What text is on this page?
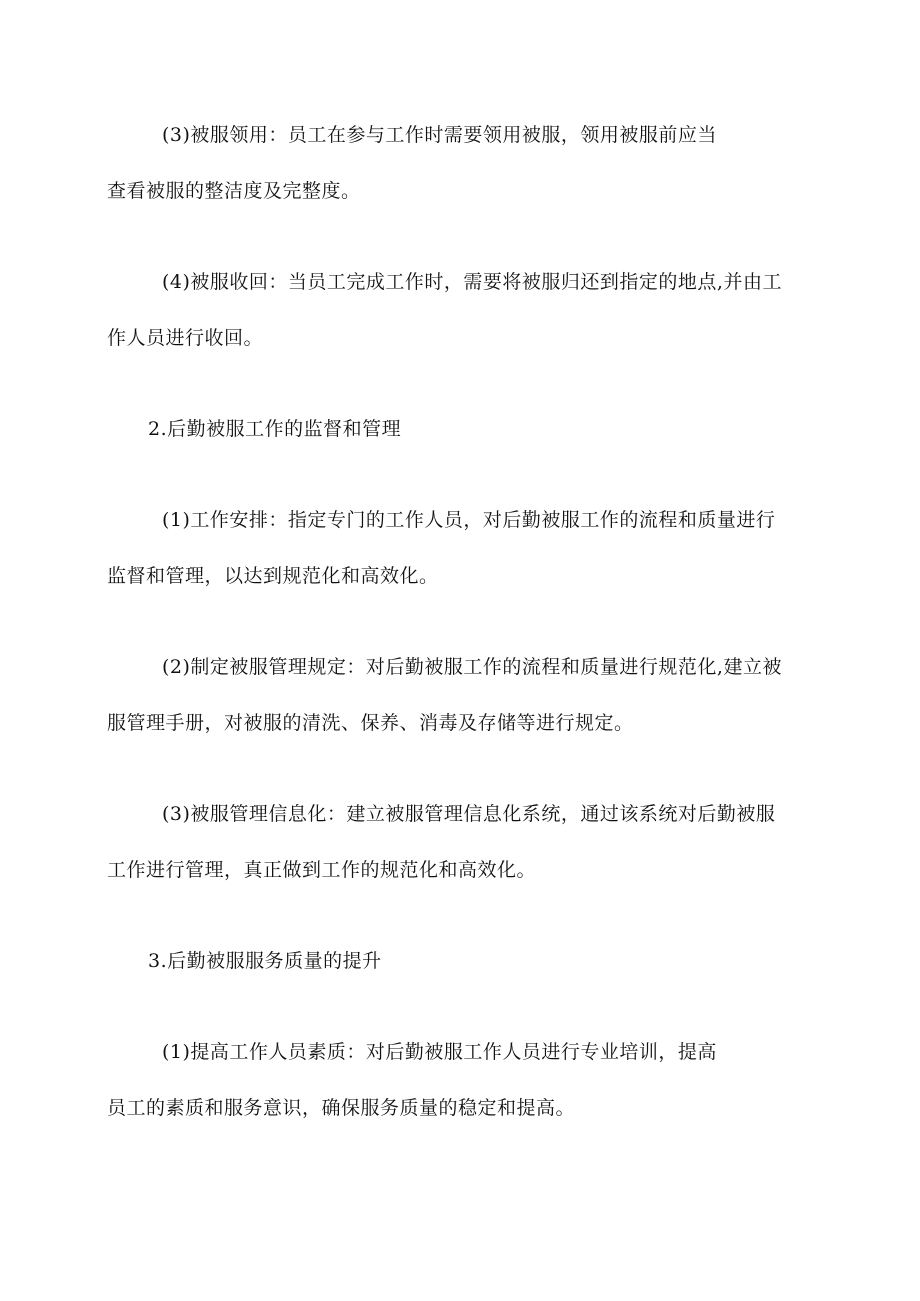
(3)被服领用：员工在参与工作时需要领用被服，领用被服前应当
查看被服的整洁度及完整度。
(4)被服收回：当员工完成工作时，需要将被服归还到指定的地点,并由工
作人员进行收回。
2.后勤被服工作的监督和管理
(1)工作安排：指定专门的工作人员，对后勤被服工作的流程和质量进行
监督和管理，以达到规范化和高效化。
(2)制定被服管理规定：对后勤被服工作的流程和质量进行规范化,建立被
服管理手册，对被服的清洗、保养、消毒及存储等进行规定。
(3)被服管理信息化：建立被服管理信息化系统，通过该系统对后勤被服
工作进行管理，真正做到工作的规范化和高效化。
3.后勤被服服务质量的提升
(1)提高工作人员素质：对后勤被服工作人员进行专业培训，提高
员工的素质和服务意识，确保服务质量的稳定和提高。
